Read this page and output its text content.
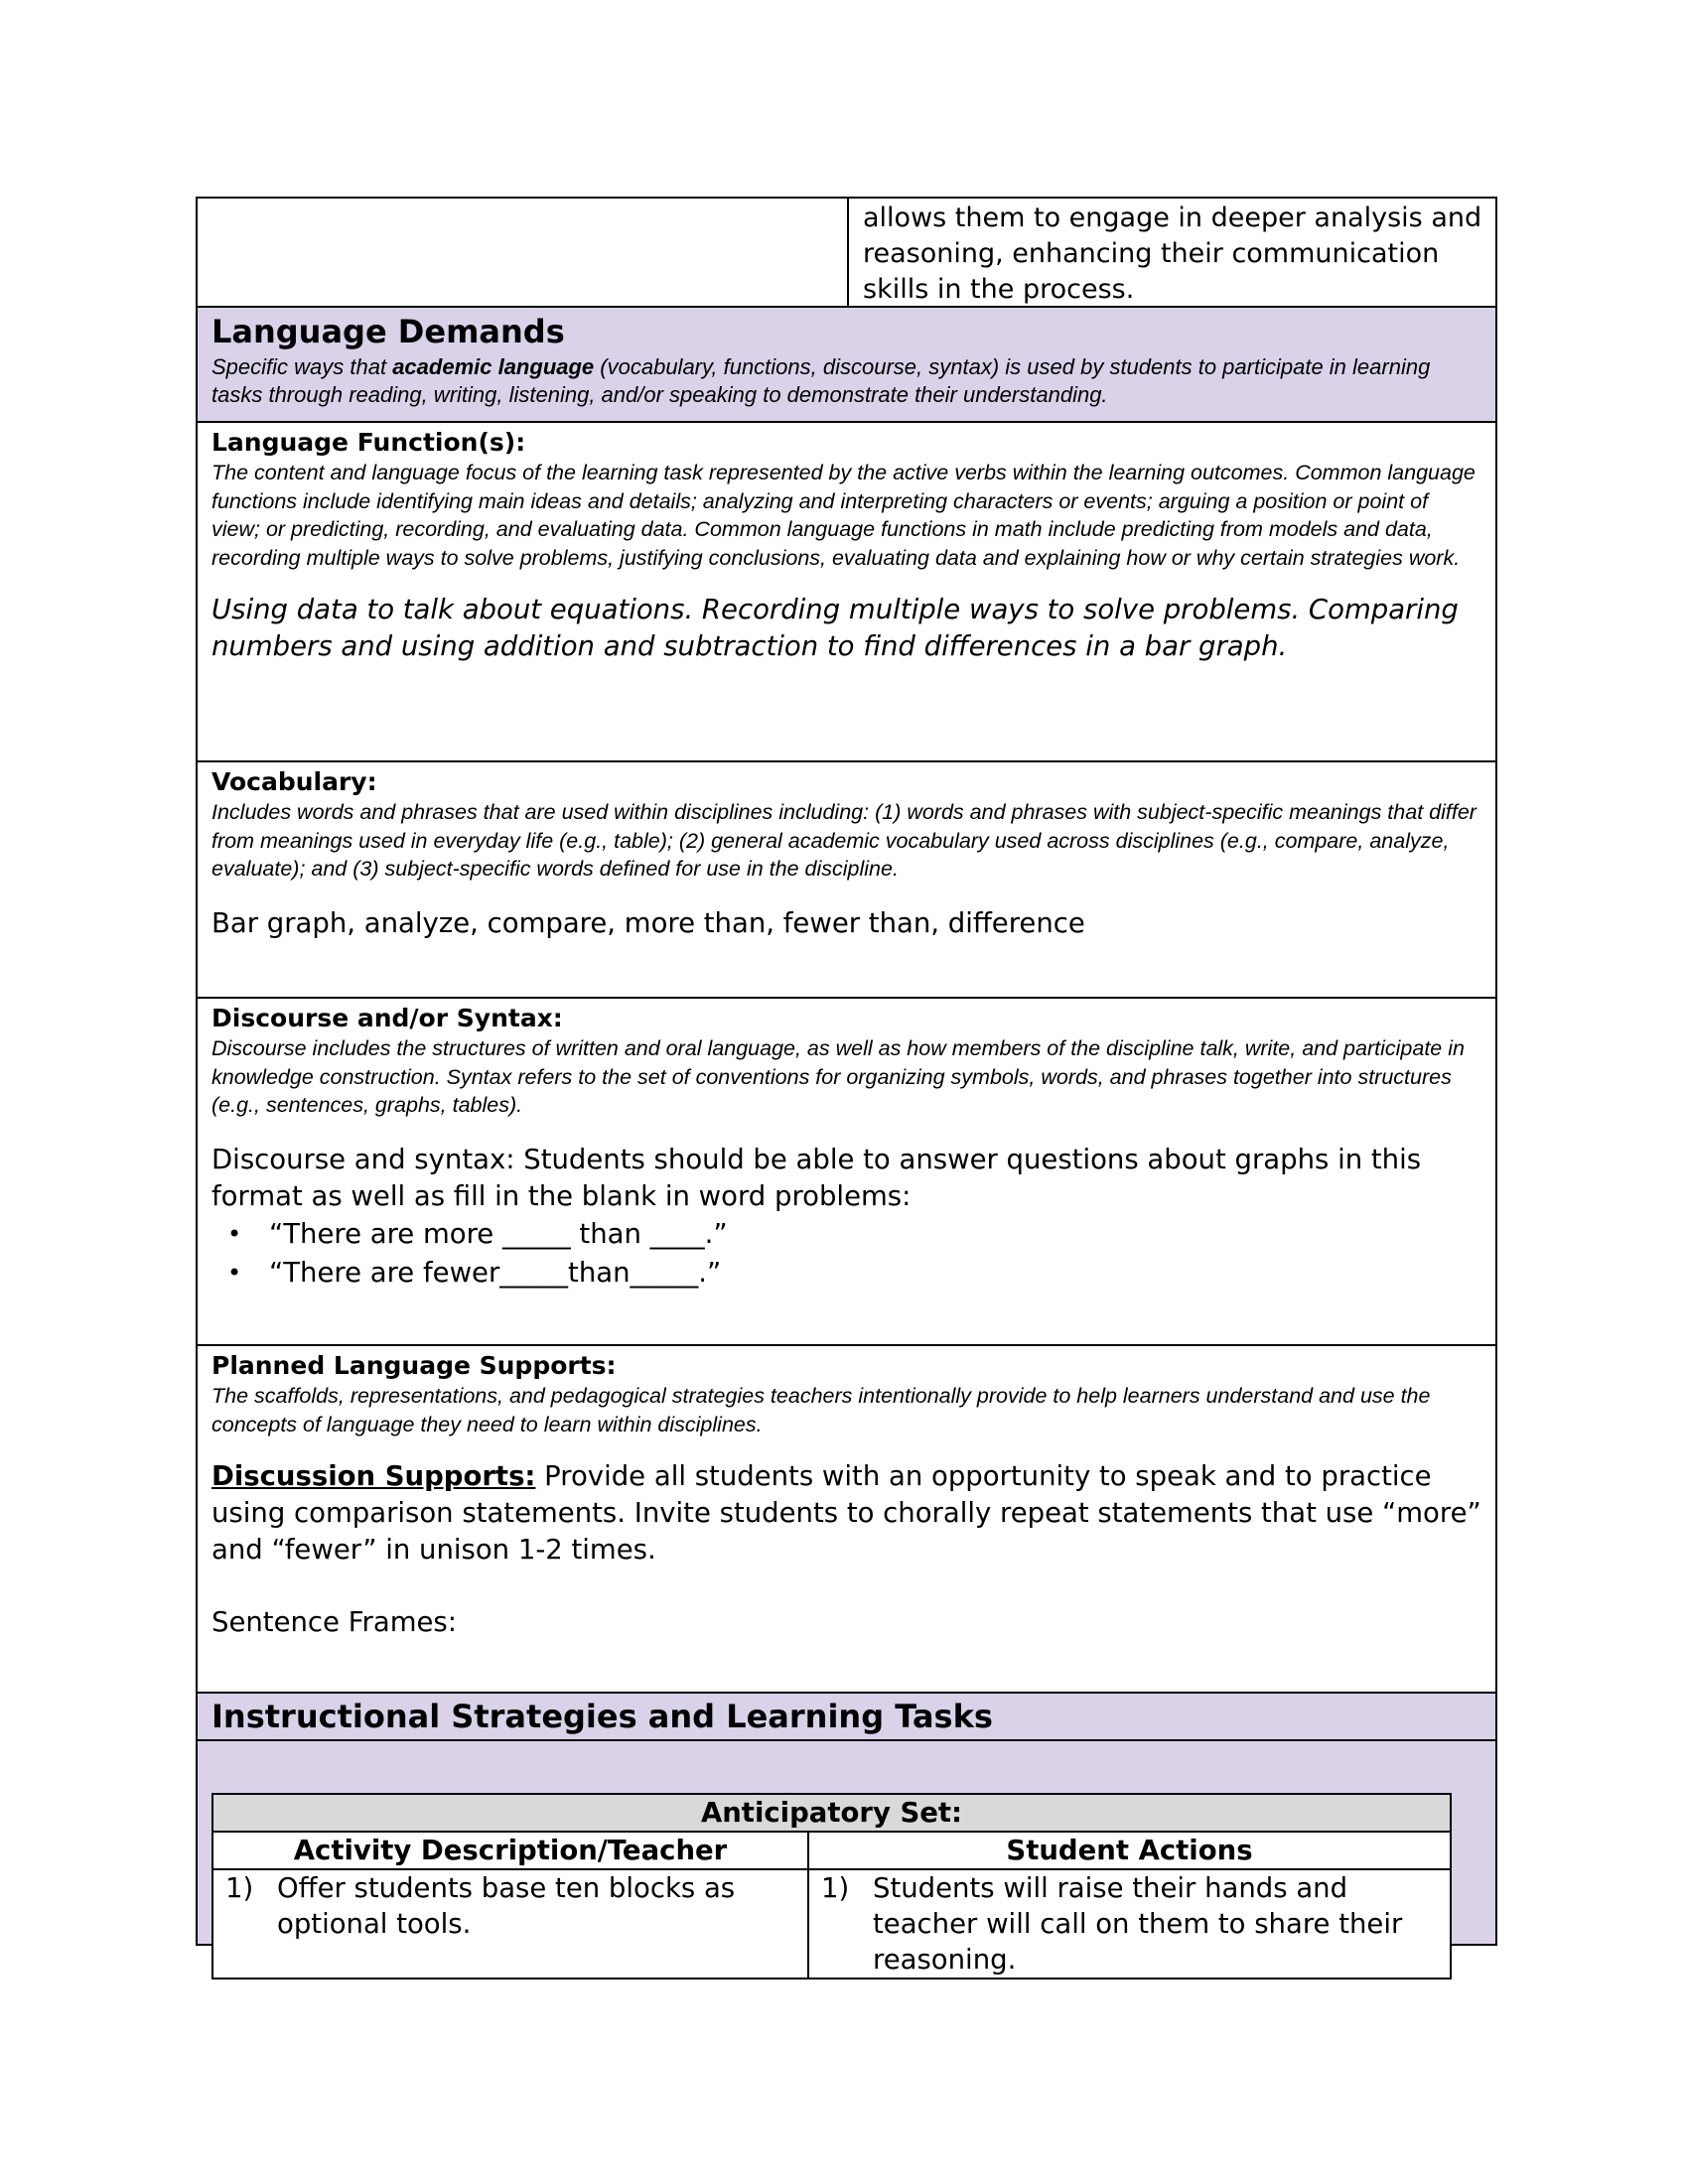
allows them to engage in deeper analysis and reasoning, enhancing their communication skills in the process.
Language Demands
Specific ways that academic language (vocabulary, functions, discourse, syntax) is used by students to participate in learning tasks through reading, writing, listening, and/or speaking to demonstrate their understanding.
Language Function(s):
The content and language focus of the learning task represented by the active verbs within the learning outcomes. Common language functions include identifying main ideas and details; analyzing and interpreting characters or events; arguing a position or point of view; or predicting, recording, and evaluating data. Common language functions in math include predicting from models and data, recording multiple ways to solve problems, justifying conclusions, evaluating data and explaining how or why certain strategies work.
Using data to talk about equations. Recording multiple ways to solve problems. Comparing numbers and using addition and subtraction to find differences in a bar graph.
Vocabulary:
Includes words and phrases that are used within disciplines including: (1) words and phrases with subject-specific meanings that differ from meanings used in everyday life (e.g., table); (2) general academic vocabulary used across disciplines (e.g., compare, analyze, evaluate); and (3) subject-specific words defined for use in the discipline.
Bar graph, analyze, compare, more than, fewer than, difference
Discourse and/or Syntax:
Discourse includes the structures of written and oral language, as well as how members of the discipline talk, write, and participate in knowledge construction. Syntax refers to the set of conventions for organizing symbols, words, and phrases together into structures (e.g., sentences, graphs, tables).
Discourse and syntax: Students should be able to answer questions about graphs in this format as well as fill in the blank in word problems:
• “There are more _____ than ____.”
• “There are fewer_____than_____.”
Planned Language Supports:
The scaffolds, representations, and pedagogical strategies teachers intentionally provide to help learners understand and use the concepts of language they need to learn within disciplines.
Discussion Supports: Provide all students with an opportunity to speak and to practice using comparison statements. Invite students to chorally repeat statements that use “more” and “fewer” in unison 1-2 times.
Sentence Frames:
Instructional Strategies and Learning Tasks
Anticipatory Set:	
Activity Description/Teacher	Student Actions

1) Offer students base ten blocks as optional tools.	1) Students will raise their hands and teacher will call on them to share their reasoning.
